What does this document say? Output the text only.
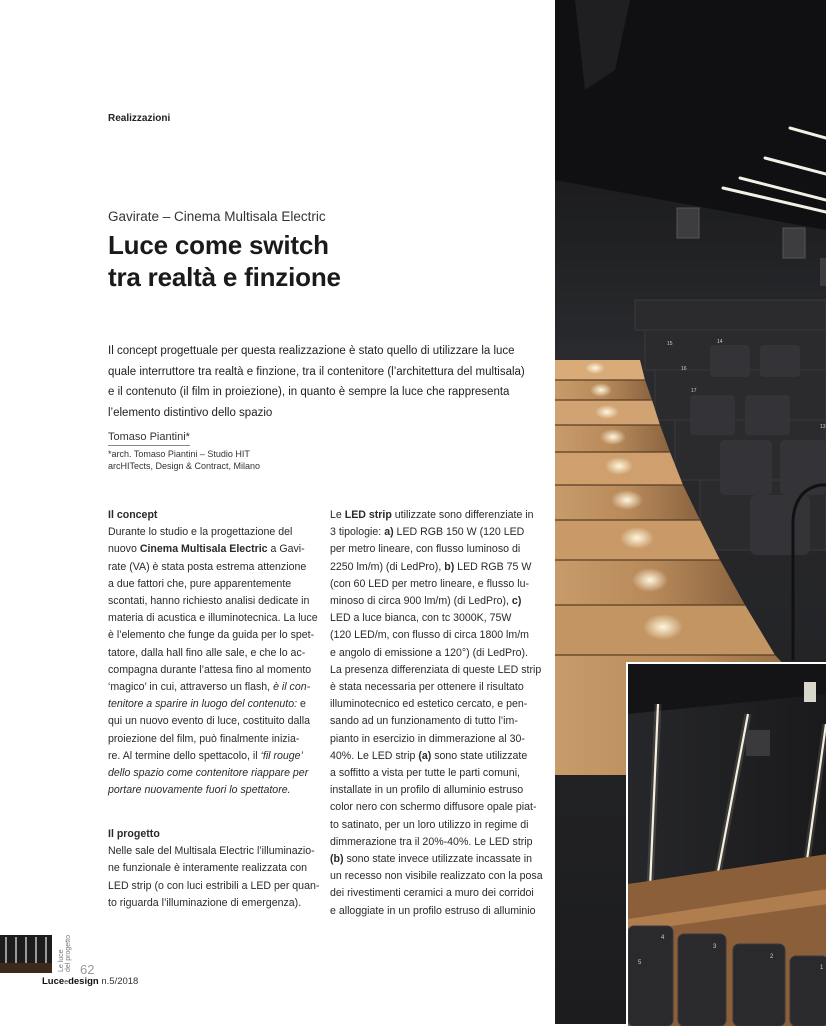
Realizzazioni
Gavirate – Cinema Multisala Electric
Luce come switch
tra realtà e finzione
Il concept progettuale per questa realizzazione è stato quello di utilizzare la luce
quale interruttore tra realtà e finzione, tra il contenitore (l’architettura del multisala)
e il contenuto (il film in proiezione), in quanto è sempre la luce che rappresenta
l’elemento distintivo dello spazio
Tomaso Piantini*
*arch. Tomaso Piantini – Studio HIT
arcHITects, Design & Contract, Milano
Il concept
Durante lo studio e la progettazione del
nuovo Cinema Multisala Electric a Gavi-
rate (VA) è stata posta estrema attenzione
a due fattori che, pure apparentemente
scontati, hanno richiesto analisi dedicate in
materia di acustica e illuminotecnica. La luce
è l’elemento che funge da guida per lo spet-
tatore, dalla hall fino alle sale, e che lo ac-
compagna durante l’attesa fino al momento
‘magico’ in cui, attraverso un flash, è il con-
tenitore a sparire in luogo del contenuto: e
qui un nuovo evento di luce, costituito dalla
proiezione del film, può finalmente inizia-
re. Al termine dello spettacolo, il ‘fil rouge’
dello spazio come contenitore riappare per
portare nuovamente fuori lo spettatore.
Il progetto
Nelle sale del Multisala Electric l’illuminazio-
ne funzionale è interamente realizzata con
LED strip (o con luci estribili a LED per quan-
to riguarda l’illuminazione di emergenza).
Le LED strip utilizzate sono differenziate in
3 tipologie: a) LED RGB 150 W (120 LED
per metro lineare, con flusso luminoso di
2250 lm/m) (di LedPro), b) LED RGB 75 W
(con 60 LED per metro lineare, e flusso lu-
minoso di circa 900 lm/m) (di LedPro), c)
LED a luce bianca, con tc 3000K, 75W
(120 LED/m, con flusso di circa 1800 lm/m
e angolo di emissione a 120°) (di LedPro).
La presenza differenziata di queste LED strip
è stata necessaria per ottenere il risultato
illuminotecnico ed estetico cercato, e pen-
sando ad un funzionamento di tutto l’im-
pianto in esercizio in dimmerazione al 30-
40%. Le LED strip (a) sono state utilizzate
a soffitto a vista per tutte le parti comuni,
installate in un profilo di alluminio estruso
color nero con schermo diffusore opale piat-
to satinato, per un loro utilizzo in regime di
dimmerazione tra il 20%-40%. Le LED strip
(b) sono state invece utilizzate incassate in
un recesso non visibile realizzato con la posa
dei rivestimenti ceramici a muro dei corridoi
e alloggiate in un profilo estruso di alluminio
14
13
15
16
17
4
3
2
1
5
Le luce del progetto 62
Luceedesign n.5/2018
